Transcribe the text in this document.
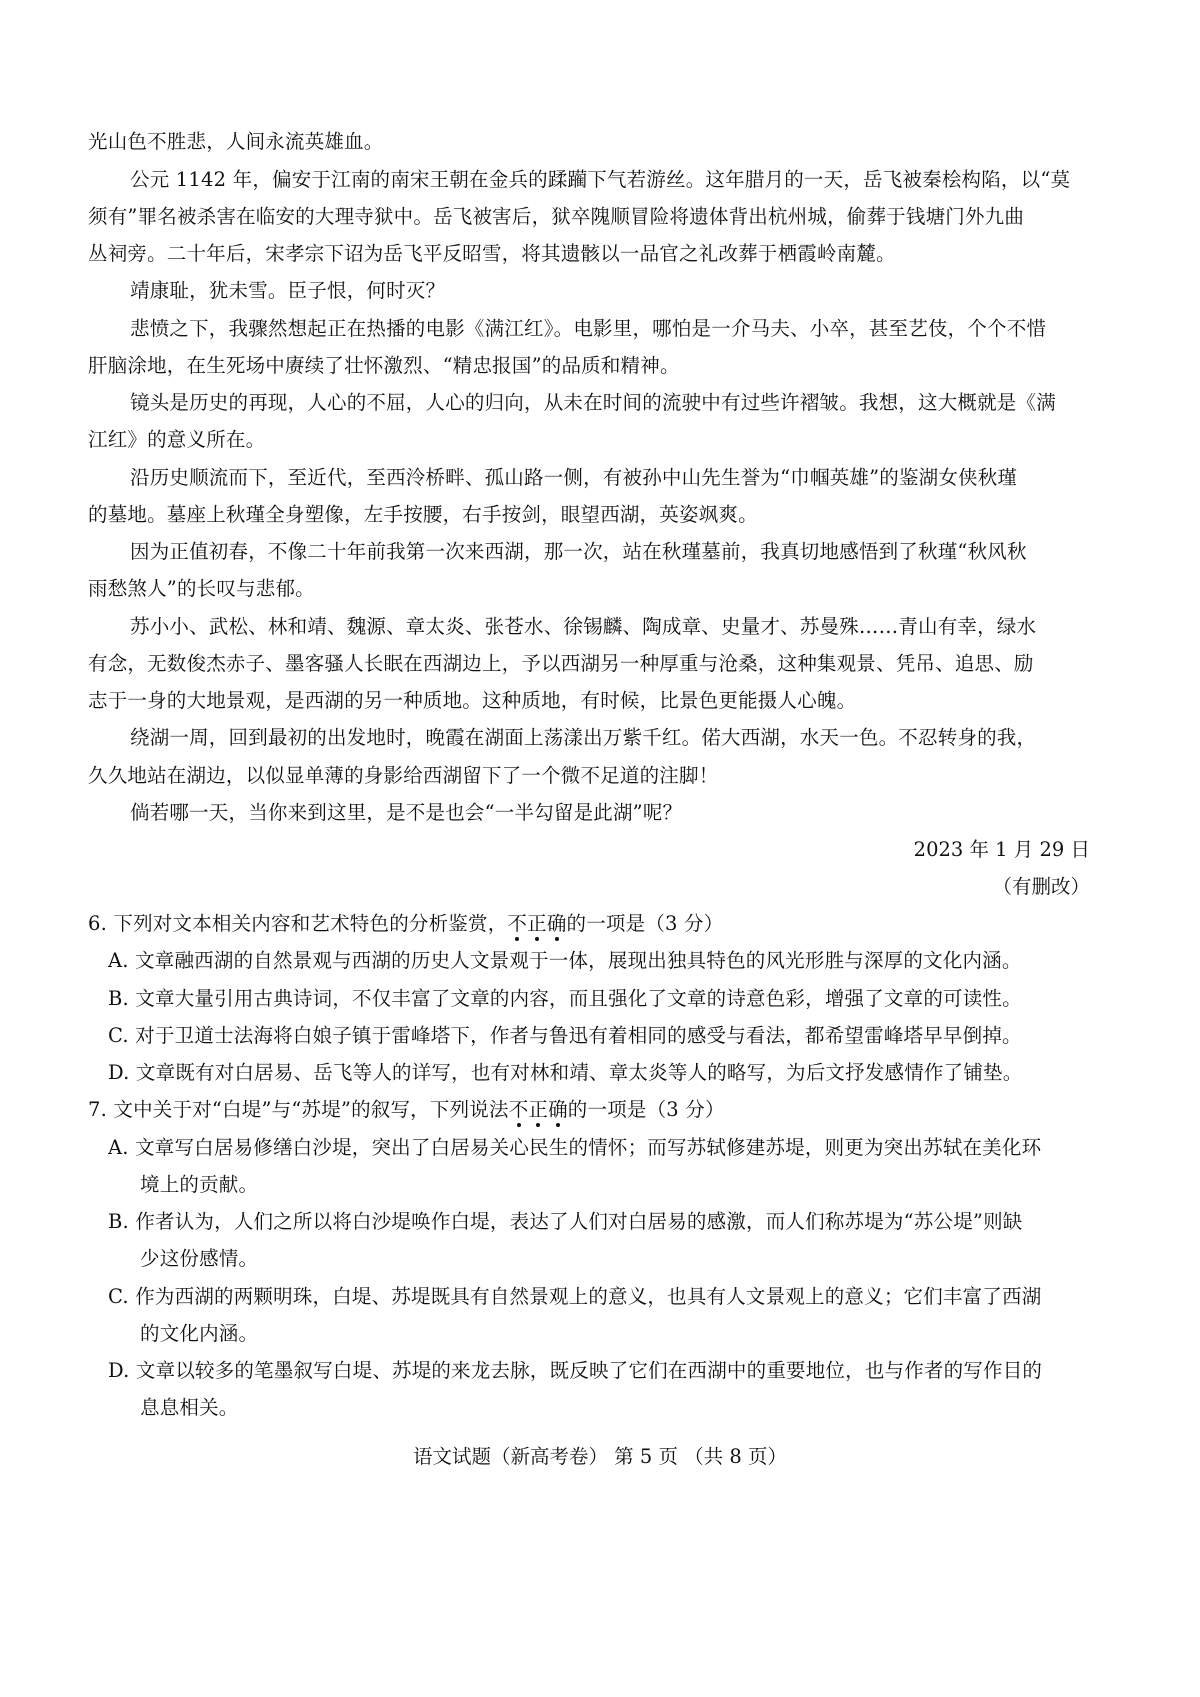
光山色不胜悲，人间永流英雄血。
公元 1142 年，偏安于江南的南宋王朝在金兵的蹂躏下气若游丝。这年腊月的一天，岳飞被秦桧构陷，以“莫
须有”罪名被杀害在临安的大理寺狱中。岳飞被害后，狱卒隗顺冒险将遗体背出杭州城，偷葬于钱塘门外九曲
丛祠旁。二十年后，宋孝宗下诏为岳飞平反昭雪，将其遗骸以一品官之礼改葬于栖霞岭南麓。
靖康耻，犹未雪。臣子恨，何时灭？
悲愤之下，我骤然想起正在热播的电影《满江红》。电影里，哪怕是一介马夫、小卒，甚至艺伎，个个不惜
肝脑涂地，在生死场中赓续了壮怀激烈、“精忠报国”的品质和精神。
镜头是历史的再现，人心的不屈，人心的归向，从未在时间的流驶中有过些许褶皱。我想，这大概就是《满
江红》的意义所在。
沿历史顺流而下，至近代，至西泠桥畔、孤山路一侧，有被孙中山先生誉为“巾帼英雄”的鉴湖女侠秋瑾
的墓地。墓座上秋瑾全身塑像，左手按腰，右手按剑，眼望西湖，英姿飒爽。
因为正值初春，不像二十年前我第一次来西湖，那一次，站在秋瑾墓前，我真切地感悟到了秋瑾“秋风秋
雨愁煞人”的长叹与悲郁。
苏小小、武松、林和靖、魏源、章太炎、张苍水、徐锡麟、陶成章、史量才、苏曼殊……青山有幸，绿水
有念，无数俊杰赤子、墨客骚人长眠在西湖边上，予以西湖另一种厚重与沧桑，这种集观景、凭吊、追思、励
志于一身的大地景观，是西湖的另一种质地。这种质地，有时候，比景色更能摄人心魄。
绕湖一周，回到最初的出发地时，晚霞在湖面上荡漾出万紫千红。偌大西湖，水天一色。不忍转身的我，
久久地站在湖边，以似显单薄的身影给西湖留下了一个微不足道的注脚！
倘若哪一天，当你来到这里，是不是也会“一半勾留是此湖”呢？
2023 年 1 月 29 日
（有删改）
6. 下列对文本相关内容和艺术特色的分析鉴赏，不正确的一项是（3 分）
A. 文章融西湖的自然景观与西湖的历史人文景观于一体，展现出独具特色的风光形胜与深厚的文化内涵。
B. 文章大量引用古典诗词，不仅丰富了文章的内容，而且强化了文章的诗意色彩，增强了文章的可读性。
C. 对于卫道士法海将白娘子镇于雷峰塔下，作者与鲁迅有着相同的感受与看法，都希望雷峰塔早早倒掉。
D. 文章既有对白居易、岳飞等人的详写，也有对林和靖、章太炎等人的略写，为后文抒发感情作了铺垫。
7. 文中关于对“白堤”与“苏堤”的叙写，下列说法不正确的一项是（3 分）
A. 文章写白居易修缮白沙堤，突出了白居易关心民生的情怀；而写苏轼修建苏堤，则更为突出苏轼在美化环
境上的贡献。
B. 作者认为，人们之所以将白沙堤唤作白堤，表达了人们对白居易的感激，而人们称苏堤为“苏公堤”则缺
少这份感情。
C. 作为西湖的两颗明珠，白堤、苏堤既具有自然景观上的意义，也具有人文景观上的意义；它们丰富了西湖
的文化内涵。
D. 文章以较多的笔墨叙写白堤、苏堤的来龙去脉，既反映了它们在西湖中的重要地位，也与作者的写作目的
息息相关。
语文试题（新高考卷） 第 5 页 （共 8 页）
